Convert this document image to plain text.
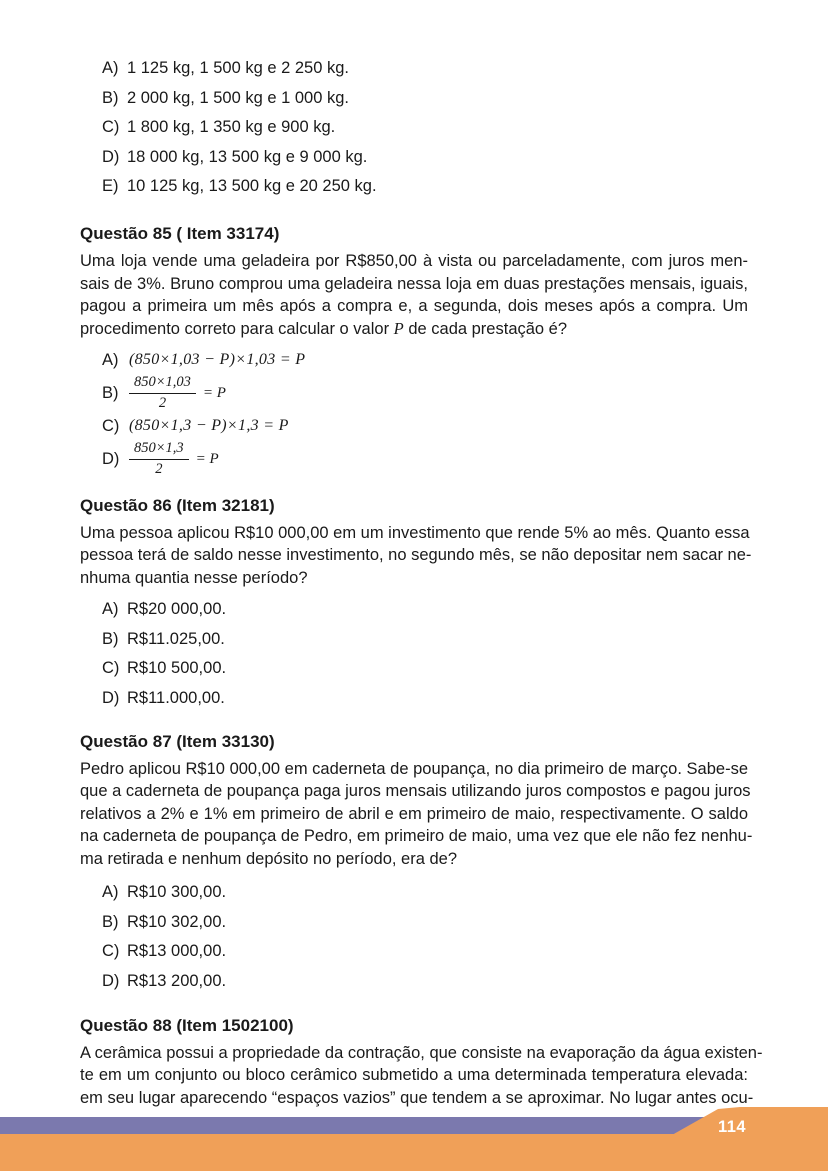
A) 1 125 kg, 1 500 kg e 2 250 kg.
B) 2 000 kg, 1 500 kg e 1 000 kg.
C) 1 800 kg, 1 350 kg e 900 kg.
D) 18 000 kg, 13 500 kg e 9 000 kg.
E) 10 125 kg, 13 500 kg e 20 250 kg.
Questão 85 ( Item 33174)
Uma loja vende uma geladeira por R$850,00 à vista ou parceladamente, com juros men-
sais de 3%. Bruno comprou uma geladeira nessa loja em duas prestações mensais, iguais,
pagou a primeira um mês após a compra e, a segunda, dois meses após a compra. Um
procedimento correto para calcular o valor P de cada prestação é?
A) (850×1,03 − P)×1,03 = P
$B) \frac{850\times 1,03}{2} = P$
C) (850×1,3 − P)×1,3 = P
$D) \frac{850\times 1,3}{2} = P$
Questão 86 (Item 32181)
Uma pessoa aplicou R$10 000,00 em um investimento que rende 5% ao mês. Quanto essa
pessoa terá de saldo nesse investimento, no segundo mês, se não depositar nem sacar ne-
nhuma quantia nesse período?
A) R$20 000,00.
B) R$11.025,00.
C) R$10 500,00.
D) R$11.000,00.
Questão 87 (Item 33130)
Pedro aplicou R$10 000,00 em caderneta de poupança, no dia primeiro de março. Sabe-se
que a caderneta de poupança paga juros mensais utilizando juros compostos e pagou juros
relativos a 2% e 1% em primeiro de abril e em primeiro de maio, respectivamente. O saldo
na caderneta de poupança de Pedro, em primeiro de maio, uma vez que ele não fez nenhu-
ma retirada e nenhum depósito no período, era de?
A) R$10 300,00.
B) R$10 302,00.
C) R$13 000,00.
D) R$13 200,00.
Questão 88 (Item 1502100)
A cerâmica possui a propriedade da contração, que consiste na evaporação da água existen-
te em um conjunto ou bloco cerâmico submetido a uma determinada temperatura elevada:
em seu lugar aparecendo “espaços vazios” que tendem a se aproximar. No lugar antes ocu-
114
